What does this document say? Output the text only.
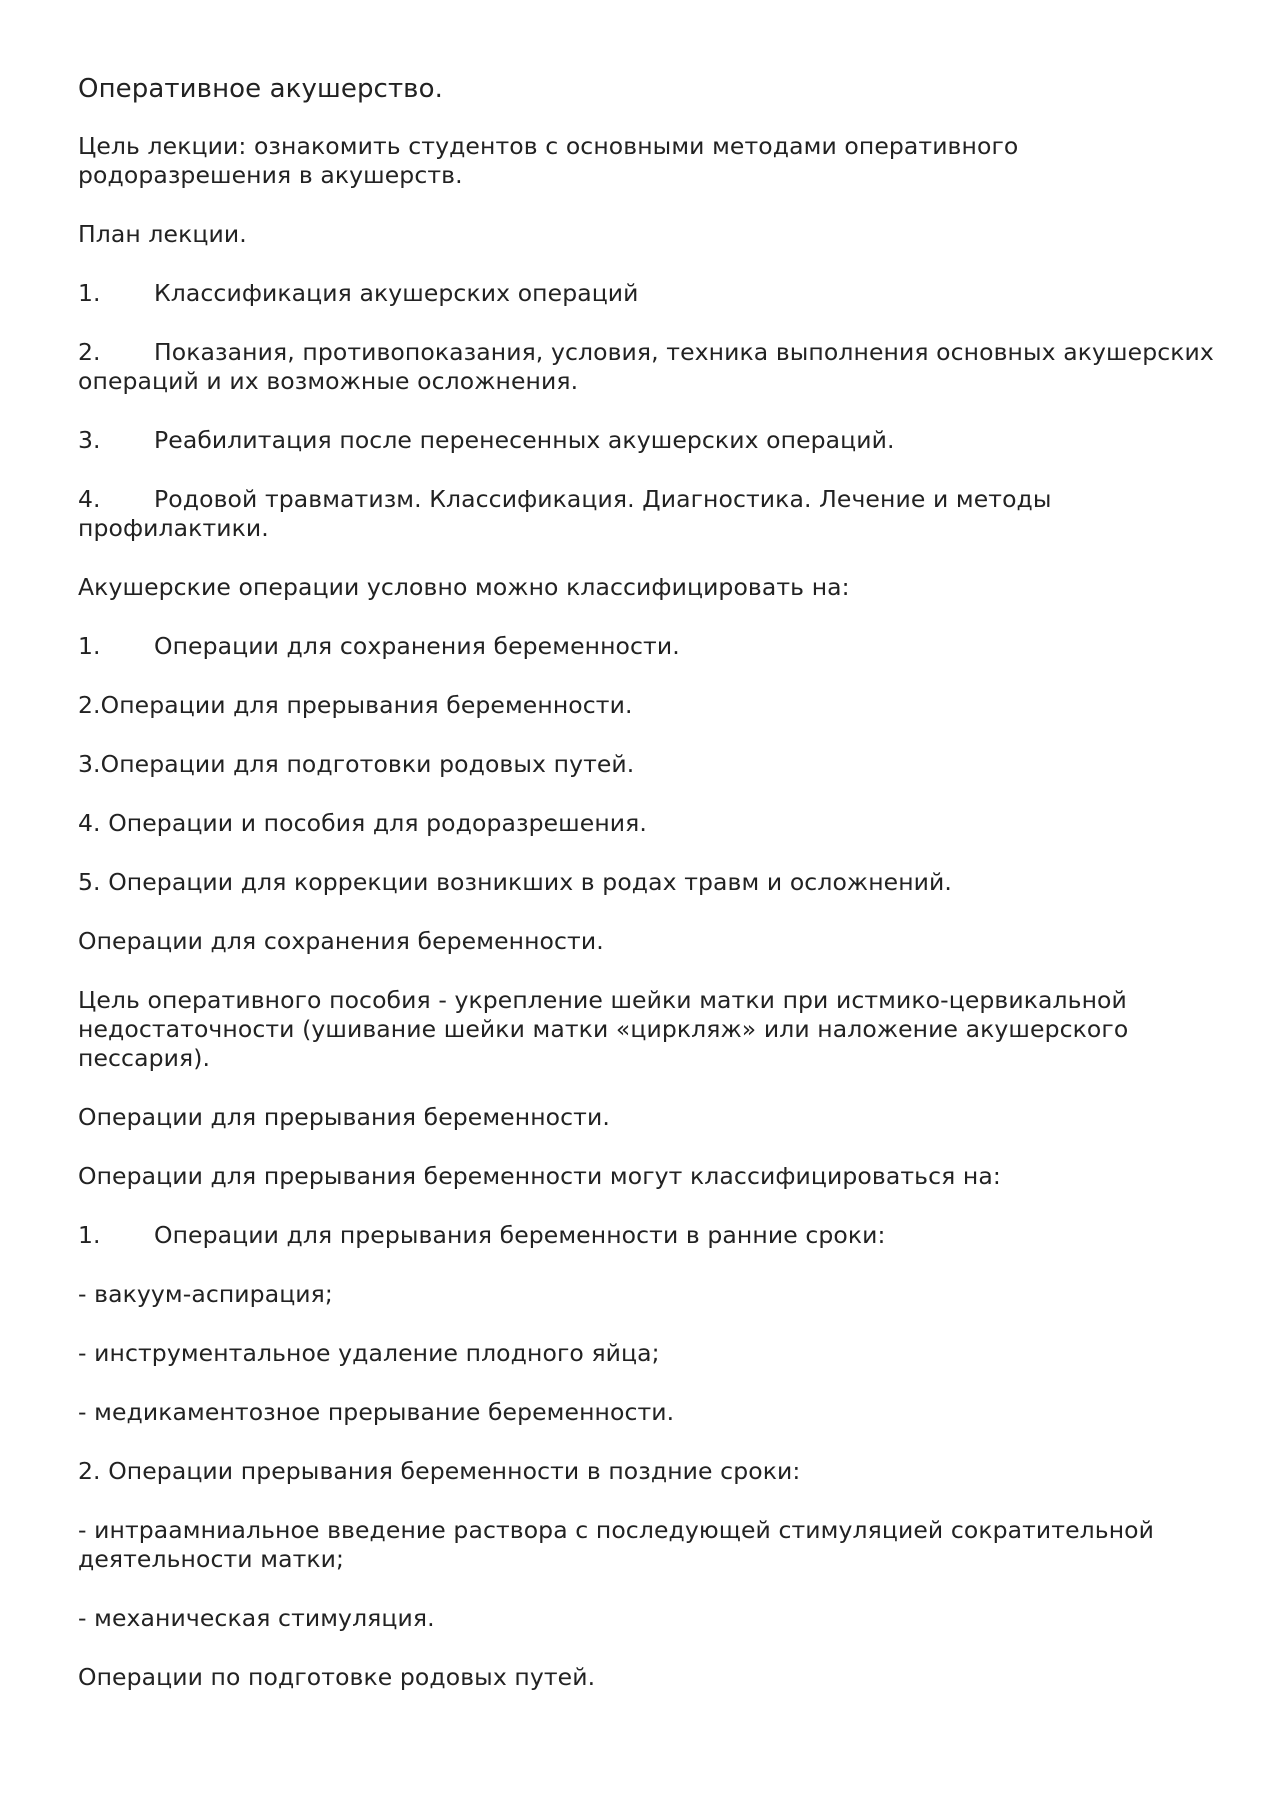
Оперативное акушерство.
Цель лекции: ознакомить студентов с основными методами оперативного родоразрешения в акушерств.
План лекции.
1. Классификация акушерских операций
2. Показания, противопоказания, условия, техника выполнения основных акушерских операций и их возможные осложнения.
3. Реабилитация после перенесенных акушерских операций.
4. Родовой травматизм. Классификация. Диагностика. Лечение и методы профилактики.
Акушерские операции условно можно классифицировать на:
1. Операции для сохранения беременности.
2.Операции для прерывания беременности.
3.Операции для подготовки родовых путей.
4. Операции и пособия для родоразрешения.
5. Операции для коррекции возникших в родах травм и осложнений.
Операции для сохранения беременности.
Цель оперативного пособия - укрепление шейки матки при истмико-цервикальной недостаточности (ушивание шейки матки «циркляж» или наложение акушерского пессария).
Операции для прерывания беременности.
Операции для прерывания беременности могут классифицироваться на:
1. Операции для прерывания беременности в ранние сроки:
- вакуум-аспирация;
- инструментальное удаление плодного яйца;
- медикаментозное прерывание беременности.
2. Операции прерывания беременности в поздние сроки:
- интраамниальное введение раствора с последующей стимуляцией сократительной деятельности матки;
- механическая стимуляция.
Операции по подготовке родовых путей.
